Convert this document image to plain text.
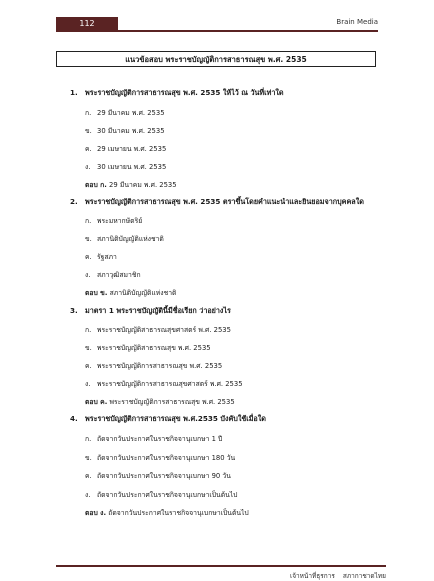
112	Brain Media
แนวข้อสอบ พระราชบัญญัติการสาธารณสุข พ.ศ. 2535
1. พระราชบัญญัติการสาธารณสุข พ.ศ. 2535 ให้ไว้ ณ วันที่เท่าใด
ก. 29 มีนาคม พ.ศ. 2535
ข. 30 มีนาคม พ.ศ. 2535
ค. 29 เมษายน พ.ศ. 2535
ง. 30 เมษายน พ.ศ. 2535
ตอบ ก. 29 มีนาคม พ.ศ. 2535
2. พระราชบัญญัติการสาธารณสุข พ.ศ. 2535 ตราขึ้นโดยคำแนะนำและยินยอมจากบุคคลใด
ก. พระมหากษัตริย์
ข. สภานิติบัญญัติแห่งชาติ
ค. รัฐสภา
ง. สภาวุฒิสมาชิก
ตอบ ข. สภานิติบัญญัติแห่งชาติ
3. มาตรา 1 พระราชบัญญัตินี้มีชื่อเรียก ว่าอย่างไร
ก. พระราชบัญญัติสาธารณสุขศาสตร์ พ.ศ. 2535
ข. พระราชบัญญัติสาธารณสุข พ.ศ. 2535
ค. พระราชบัญญัติการสาธารณสุข พ.ศ. 2535
ง. พระราชบัญญัติการสาธารณสุขศาสตร์ พ.ศ. 2535
ตอบ ค. พระราชบัญญัติการสาธารณสุข พ.ศ. 2535
4. พระราชบัญญัติการสาธารณสุข พ.ศ.2535 บังคับใช้เมื่อใด
ก. ถัดจากวันประกาศในราชกิจจานุเบกษา 1 ปี
ข. ถัดจากวันประกาศในราชกิจจานุเบกษา 180 วัน
ค. ถัดจากวันประกาศในราชกิจจานุเบกษา 90 วัน
ง. ถัดจากวันประกาศในราชกิจจานุเบกษาเป็นต้นไป
ตอบ ง. ถัดจากวันประกาศในราชกิจจานุเบกษาเป็นต้นไป
เจ้าหน้าที่ธุรการ สภากาชาดไทย
